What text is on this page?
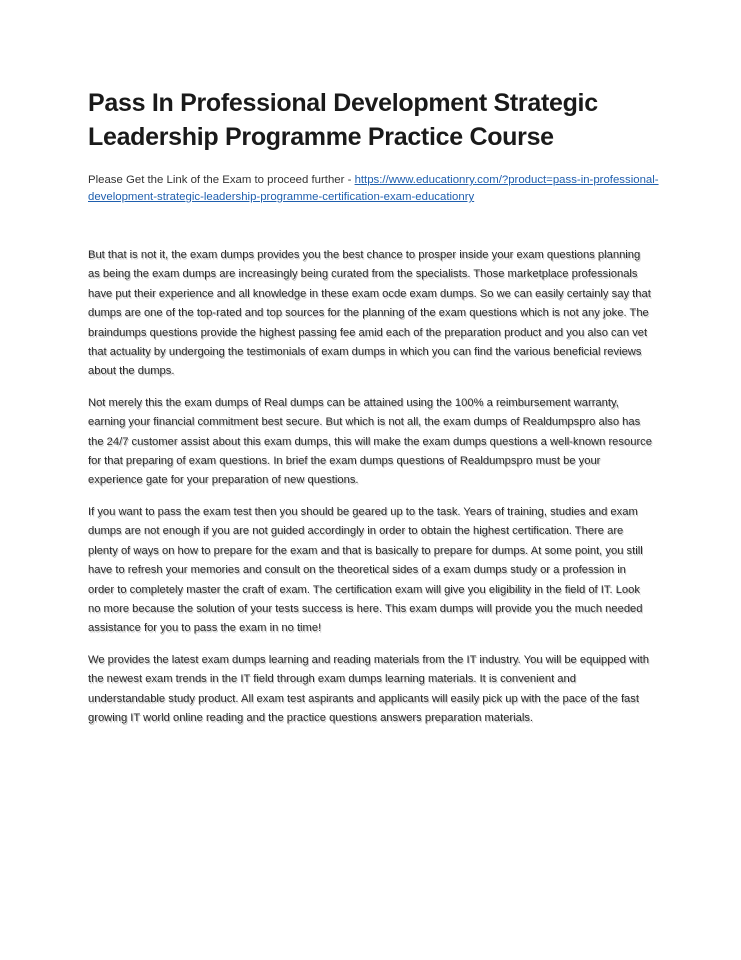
Pass In Professional Development Strategic Leadership Programme Practice Course
Please Get the Link of the Exam to proceed further - https://www.educationry.com/?product=pass-in-professional-development-strategic-leadership-programme-certification-exam-educationry

But that is not it, the exam dumps provides you the best chance to prosper inside your exam questions planning as being the exam dumps are increasingly being curated from the specialists. Those marketplace professionals have put their experience and all knowledge in these exam ocde exam dumps. So we can easily certainly say that dumps are one of the top-rated and top sources for the planning of the exam questions which is not any joke. The braindumps questions provide the highest passing fee amid each of the preparation product and you also can vet that actuality by undergoing the testimonials of exam dumps in which you can find the various beneficial reviews about the dumps.

Not merely this the exam dumps of Real dumps can be attained using the 100% a reimbursement warranty, earning your financial commitment best secure. But which is not all, the exam dumps of Realdumpspro also has the 24/7 customer assist about this exam dumps, this will make the exam dumps questions a well-known resource for that preparing of exam questions. In brief the exam dumps questions of Realdumpspro must be your experience gate for your preparation of new questions.

If you want to pass the exam test then you should be geared up to the task. Years of training, studies and exam dumps are not enough if you are not guided accordingly in order to obtain the highest certification. There are plenty of ways on how to prepare for the exam and that is basically to prepare for dumps. At some point, you still have to refresh your memories and consult on the theoretical sides of a exam dumps study or a profession in order to completely master the craft of exam. The certification exam will give you eligibility in the field of IT. Look no more because the solution of your tests success is here. This exam dumps will provide you the much needed assistance for you to pass the exam in no time!

We provides the latest exam dumps learning and reading materials from the IT industry. You will be equipped with the newest exam trends in the IT field through exam dumps learning materials. It is convenient and understandable study product. All exam test aspirants and applicants will easily pick up with the pace of the fast growing IT world online reading and the practice questions answers preparation materials.
